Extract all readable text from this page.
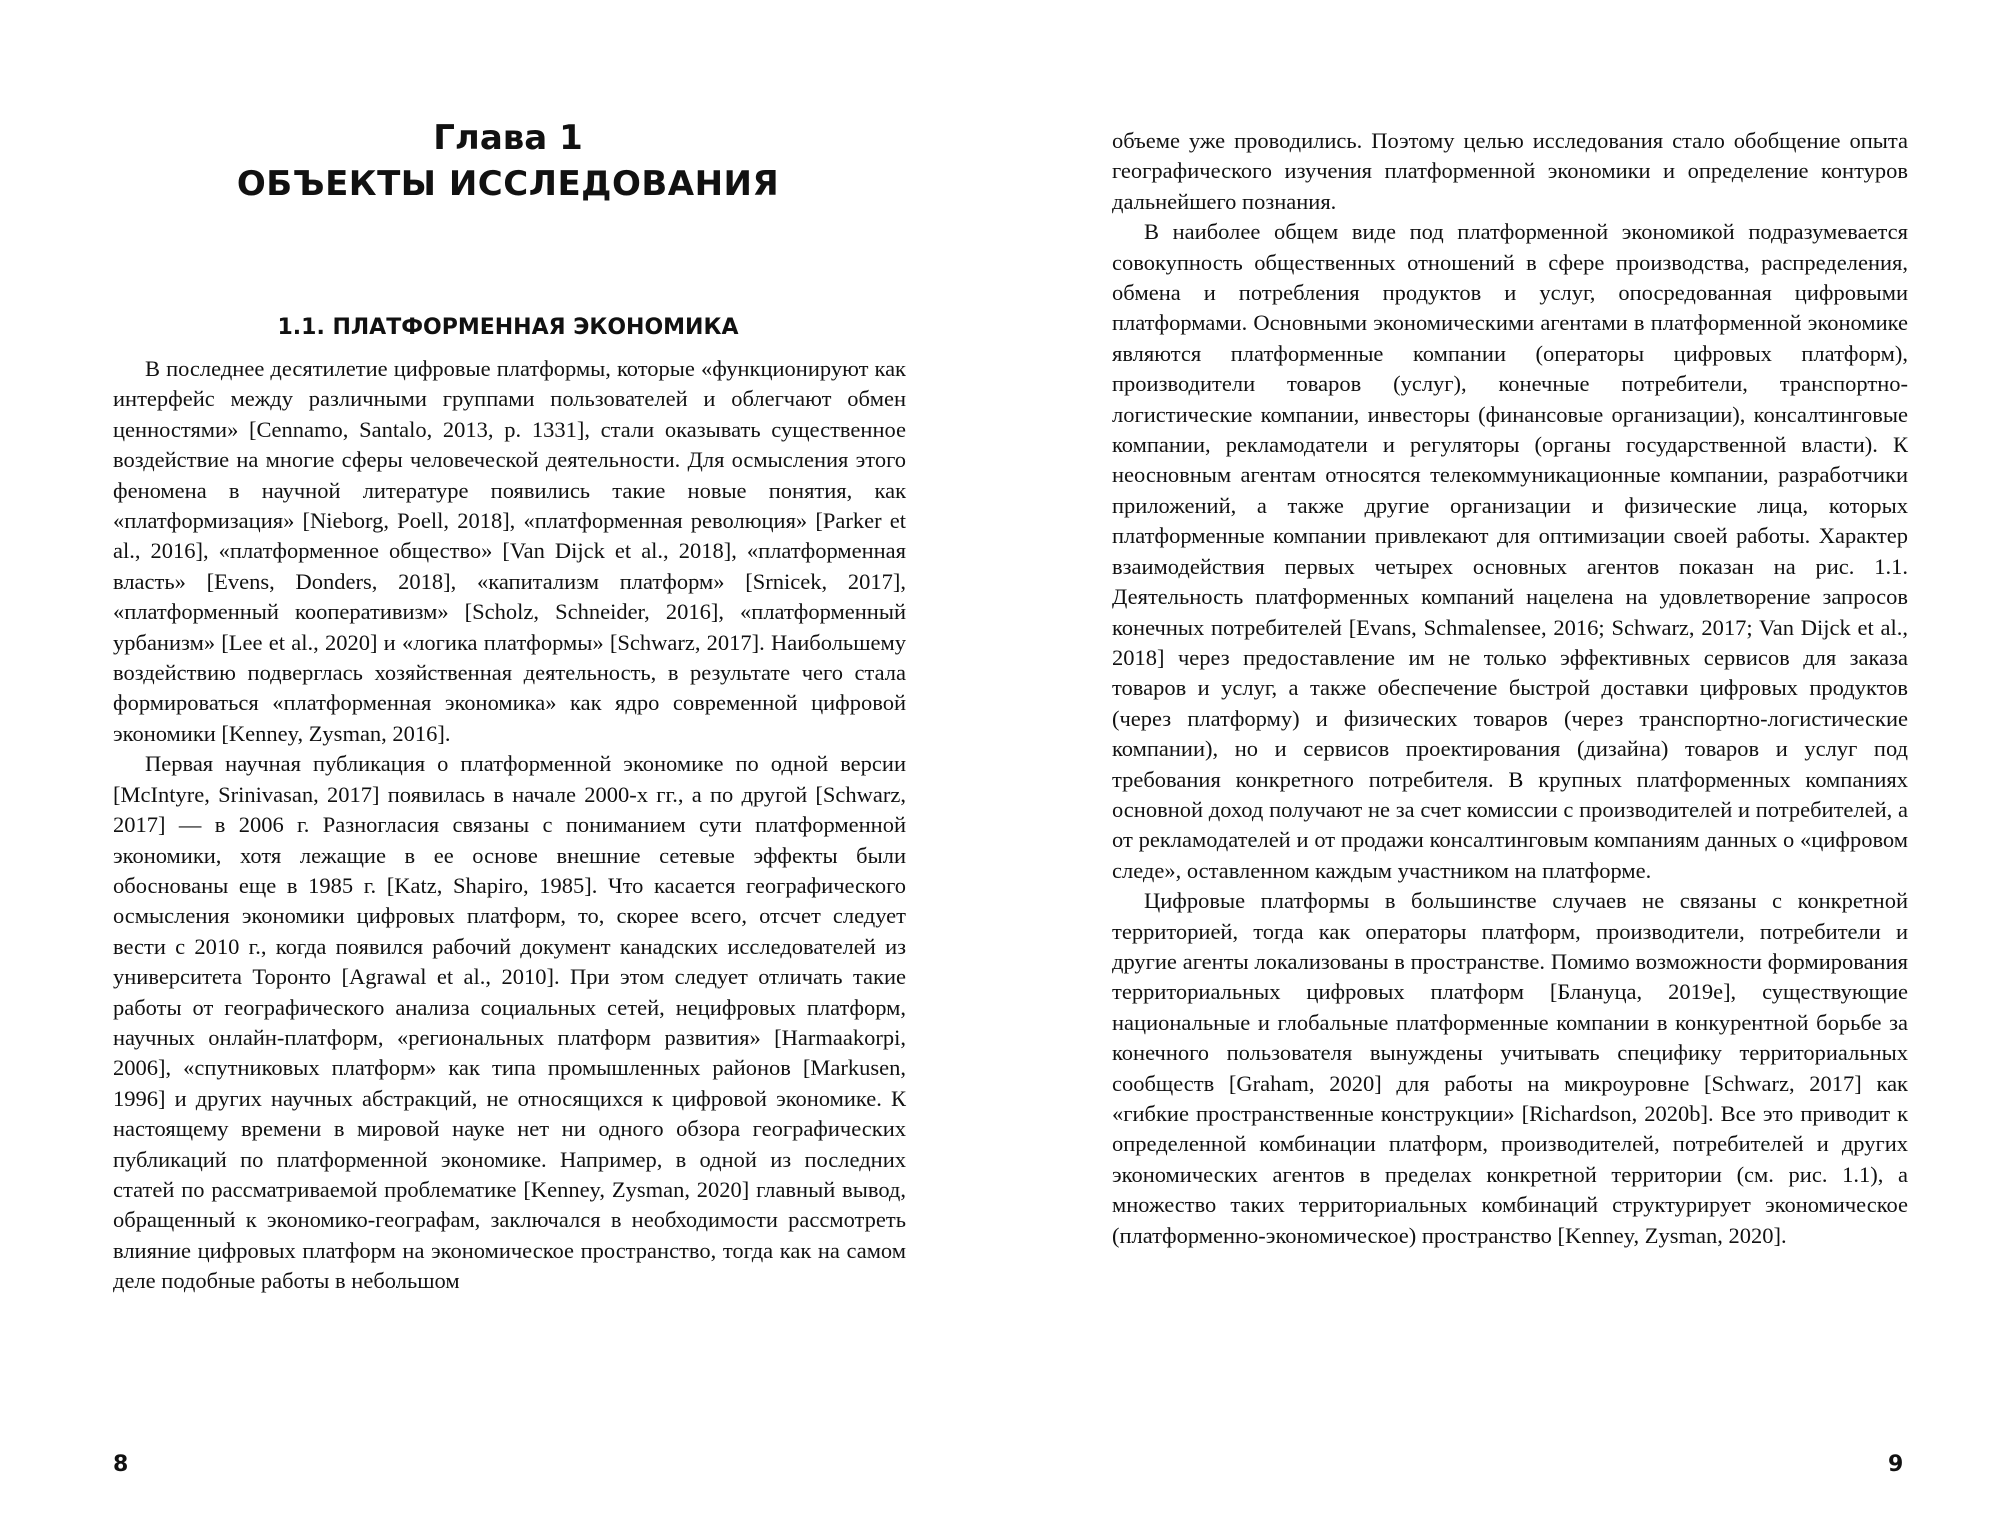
Глава 1
ОБЪЕКТЫ ИССЛЕДОВАНИЯ
1.1. ПЛАТФОРМЕННАЯ ЭКОНОМИКА

В последнее десятилетие цифровые платформы, которые «функционируют как интерфейс между различными группами пользователей и облегчают обмен ценностями» [Cennamo, Santalo, 2013, p. 1331], стали оказывать существенное воздействие на многие сферы человеческой деятельности. Для осмысления этого феномена в научной литературе появились такие новые понятия, как «платформизация» [Nieborg, Poell, 2018], «платформенная революция» [Parker et al., 2016], «платформенное общество» [Van Dijck et al., 2018], «платформенная власть» [Evens, Donders, 2018], «капитализм платформ» [Srnicek, 2017], «платформенный кооперативизм» [Scholz, Schneider, 2016], «платформенный урбанизм» [Lee et al., 2020] и «логика платформы» [Schwarz, 2017]. Наибольшему воздействию подверглась хозяйственная деятельность, в результате чего стала формироваться «платформенная экономика» как ядро современной цифровой экономики [Kenney, Zysman, 2016].

Первая научная публикация о платформенной экономике по одной версии [McIntyre, Srinivasan, 2017] появилась в начале 2000-х гг., а по другой [Schwarz, 2017] — в 2006 г. Разногласия связаны с пониманием сути платформенной экономики, хотя лежащие в ее основе внешние сетевые эффекты были обоснованы еще в 1985 г. [Katz, Shapiro, 1985]. Что касается географического осмысления экономики цифровых платформ, то, скорее всего, отсчет следует вести с 2010 г., когда появился рабочий документ канадских исследователей из университета Торонто [Agrawal et al., 2010]. При этом следует отличать такие работы от географического анализа социальных сетей, нецифровых платформ, научных онлайн-платформ, «региональных платформ развития» [Harmaakorpi, 2006], «спутниковых платформ» как типа промышленных районов [Markusen, 1996] и других научных абстракций, не относящихся к цифровой экономике. К настоящему времени в мировой науке нет ни одного обзора географических публикаций по платформенной экономике. Например, в одной из последних статей по рассматриваемой проблематике [Kenney, Zysman, 2020] главный вывод, обращенный к экономико-географам, заключался в необходимости рассмотреть влияние цифровых платформ на экономическое пространство, тогда как на самом деле подобные работы в небольшом

8

объеме уже проводились. Поэтому целью исследования стало обобщение опыта географического изучения платформенной экономики и определение контуров дальнейшего познания.

В наиболее общем виде под платформенной экономикой подразумевается совокупность общественных отношений в сфере производства, распределения, обмена и потребления продуктов и услуг, опосредованная цифровыми платформами. Основными экономическими агентами в платформенной экономике являются платформенные компании (операторы цифровых платформ), производители товаров (услуг), конечные потребители, транспортно-логистические компании, инвесторы (финансовые организации), консалтинговые компании, рекламодатели и регуляторы (органы государственной власти). К неосновным агентам относятся телекоммуникационные компании, разработчики приложений, а также другие организации и физические лица, которых платформенные компании привлекают для оптимизации своей работы. Характер взаимодействия первых четырех основных агентов показан на рис. 1.1. Деятельность платформенных компаний нацелена на удовлетворение запросов конечных потребителей [Evans, Schmalensee, 2016; Schwarz, 2017; Van Dijck et al., 2018] через предоставление им не только эффективных сервисов для заказа товаров и услуг, а также обеспечение быстрой доставки цифровых продуктов (через платформу) и физических товаров (через транспортно-логистические компании), но и сервисов проектирования (дизайна) товаров и услуг под требования конкретного потребителя. В крупных платформенных компаниях основной доход получают не за счет комиссии с производителей и потребителей, а от рекламодателей и от продажи консалтинговым компаниям данных о «цифровом следе», оставленном каждым участником на платформе.

Цифровые платформы в большинстве случаев не связаны с конкретной территорией, тогда как операторы платформ, производители, потребители и другие агенты локализованы в пространстве. Помимо возможности формирования территориальных цифровых платформ [Блануца, 2019е], существующие национальные и глобальные платформенные компании в конкурентной борьбе за конечного пользователя вынуждены учитывать специфику территориальных сообществ [Graham, 2020] для работы на микроуровне [Schwarz, 2017] как «гибкие пространственные конструкции» [Richardson, 2020b]. Все это приводит к определенной комбинации платформ, производителей, потребителей и других экономических агентов в пределах конкретной территории (см. рис. 1.1), а множество таких территориальных комбинаций структурирует экономическое (платформенно-экономическое) пространство [Kenney, Zysman, 2020].

9
